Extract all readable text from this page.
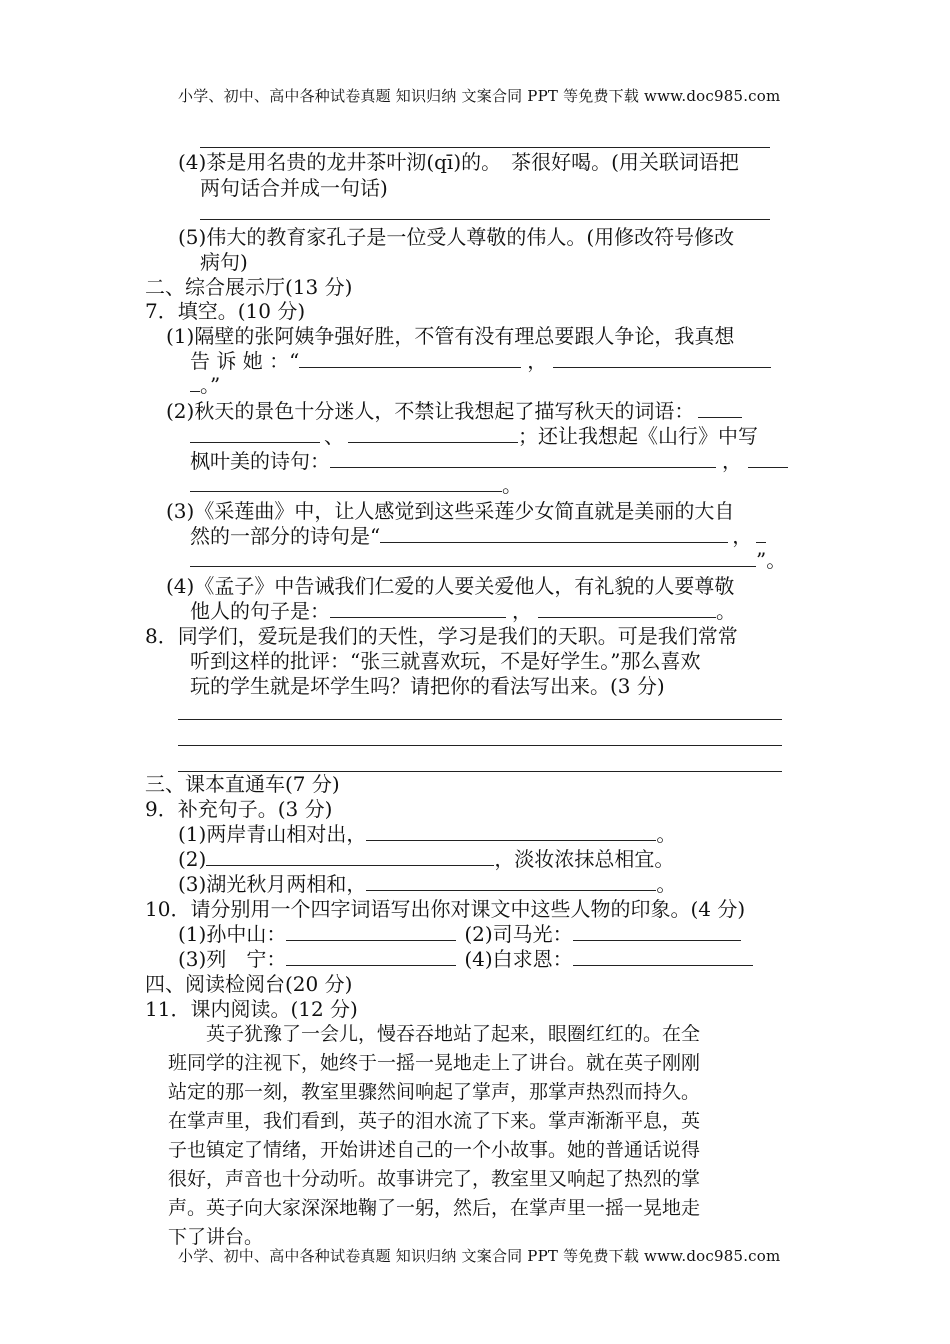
小学、初中、高中各种试卷真题 知识归纳 文案合同 PPT 等免费下载 www.doc985.com
(4)茶是用名贵的龙井茶叶沏(qī)的。　茶很好喝。(用关联词语把
两句话合并成一句话)
(5)伟大的教育家孔子是一位受人尊敬的伟人。(用修改符号修改
病句)
二、综合展示厅(13 分)
7．填空。(10 分)
(1)隔壁的张阿姨争强好胜，不管有没有理总要跟人争论，我真想
告 诉 她 ：“	，
。”
(2)秋天的景色十分迷人，不禁让我想起了描写秋天的词语：
、	；还让我想起《山行》中写
枫叶美的诗句：	，
。
(3)《采莲曲》中，让人感觉到这些采莲少女简直就是美丽的大自
然的一部分的诗句是“	，
”。
(4)《孟子》中告诫我们仁爱的人要关爱他人，有礼貌的人要尊敬
他人的句子是：	，	。
8．同学们，爱玩是我们的天性，学习是我们的天职。可是我们常常
听到这样的批评：“张三就喜欢玩，不是好学生。”那么喜欢
玩的学生就是坏学生吗？请把你的看法写出来。(3 分)
三、课本直通车(7 分)
9．补充句子。(3 分)
(1)两岸青山相对出，	。
(2)	，淡妆浓抹总相宜。
(3)湖光秋月两相和，	。
10．请分别用一个四字词语写出你对课文中这些人物的印象。(4 分)
(1)孙中山：	(2)司马光：
(3)列　宁：	(4)白求恩：
四、阅读检阅台(20 分)
11．课内阅读。(12 分)
　　英子犹豫了一会儿，慢吞吞地站了起来，眼圈红红的。在全
班同学的注视下，她终于一摇一晃地走上了讲台。就在英子刚刚
站定的那一刻，教室里骤然间响起了掌声，那掌声热烈而持久。
在掌声里，我们看到，英子的泪水流了下来。掌声渐渐平息，英
子也镇定了情绪，开始讲述自己的一个小故事。她的普通话说得
很好，声音也十分动听。故事讲完了，教室里又响起了热烈的掌
声。英子向大家深深地鞠了一躬，然后，在掌声里一摇一晃地走
下了讲台。
小学、初中、高中各种试卷真题 知识归纳 文案合同 PPT 等免费下载 www.doc985.com
